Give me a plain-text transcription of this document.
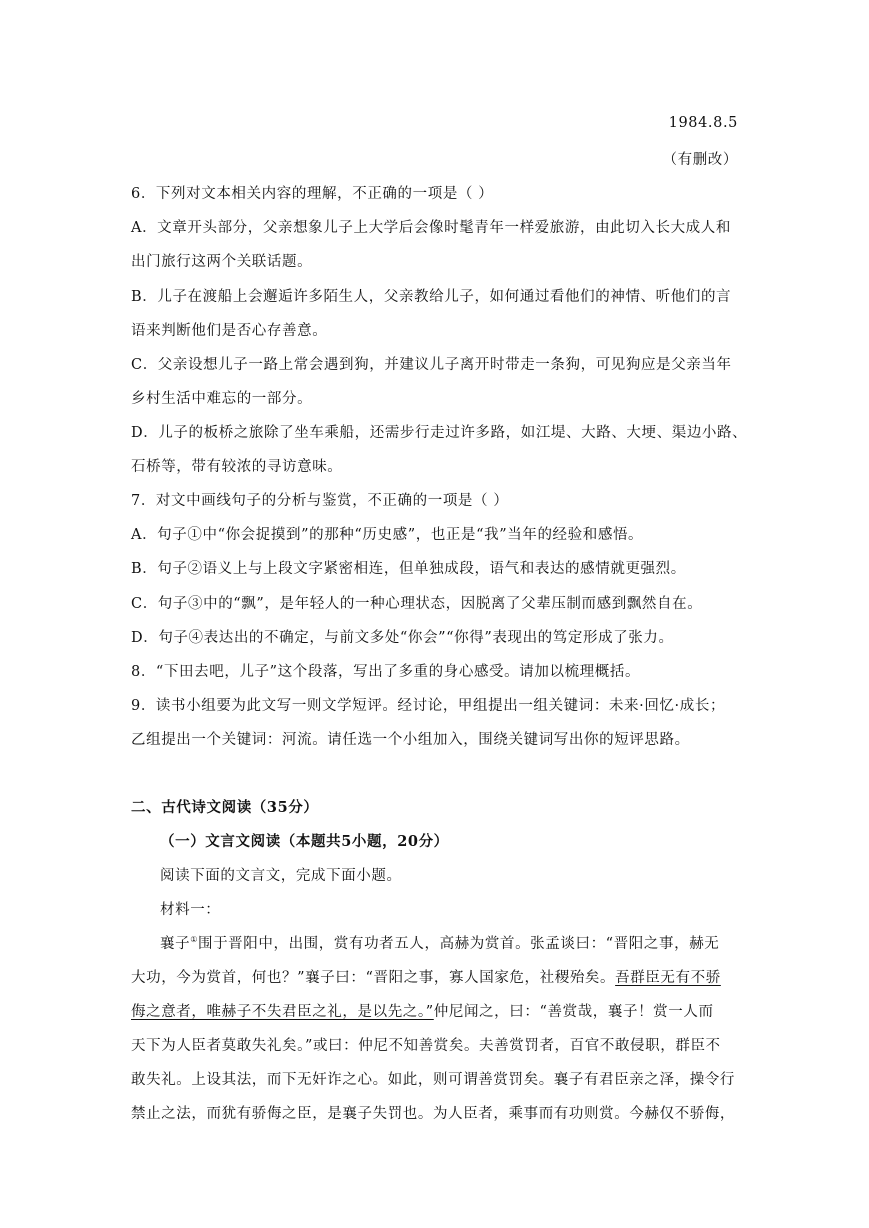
1984.8.5
（有删改）
6．下列对文本相关内容的理解，不正确的一项是（ ）
A．文章开头部分，父亲想象儿子上大学后会像时髦青年一样爱旅游，由此切入长大成人和
出门旅行这两个关联话题。
B．儿子在渡船上会邂逅许多陌生人，父亲教给儿子，如何通过看他们的神情、听他们的言
语来判断他们是否心存善意。
C．父亲设想儿子一路上常会遇到狗，并建议儿子离开时带走一条狗，可见狗应是父亲当年
乡村生活中难忘的一部分。
D．儿子的板桥之旅除了坐车乘船，还需步行走过许多路，如江堤、大路、大埂、渠边小路、
石桥等，带有较浓的寻访意味。
7．对文中画线句子的分析与鉴赏，不正确的一项是（ ）
A．句子①中“你会捉摸到”的那种“历史感”，也正是“我”当年的经验和感悟。
B．句子②语义上与上段文字紧密相连，但单独成段，语气和表达的感情就更强烈。
C．句子③中的“飘”，是年轻人的一种心理状态，因脱离了父辈压制而感到飘然自在。
D．句子④表达出的不确定，与前文多处“你会”“你得”表现出的笃定形成了张力。
8．“下田去吧，儿子”这个段落，写出了多重的身心感受。请加以梳理概括。
9．读书小组要为此文写一则文学短评。经讨论，甲组提出一组关键词：未来·回忆·成长；
乙组提出一个关键词：河流。请任选一个小组加入，围绕关键词写出你的短评思路。
二、古代诗文阅读（35分）
（一）文言文阅读（本题共5小题，20分）
阅读下面的文言文，完成下面小题。
材料一：
襄子①围于晋阳中，出围，赏有功者五人，高赫为赏首。张孟谈曰：“晋阳之事，赫无
大功，今为赏首，何也？”襄子曰：“晋阳之事，寡人国家危，社稷殆矣。吾群臣无有不骄
侮之意者，唯赫子不失君臣之礼，是以先之。”仲尼闻之，曰：“善赏哉，襄子！赏一人而
天下为人臣者莫敢失礼矣。”或曰：仲尼不知善赏矣。夫善赏罚者，百官不敢侵职，群臣不
敢失礼。上设其法，而下无奸诈之心。如此，则可谓善赏罚矣。襄子有君臣亲之泽，操令行
禁止之法，而犹有骄侮之臣，是襄子失罚也。为人臣者，乘事而有功则赏。今赫仅不骄侮，
